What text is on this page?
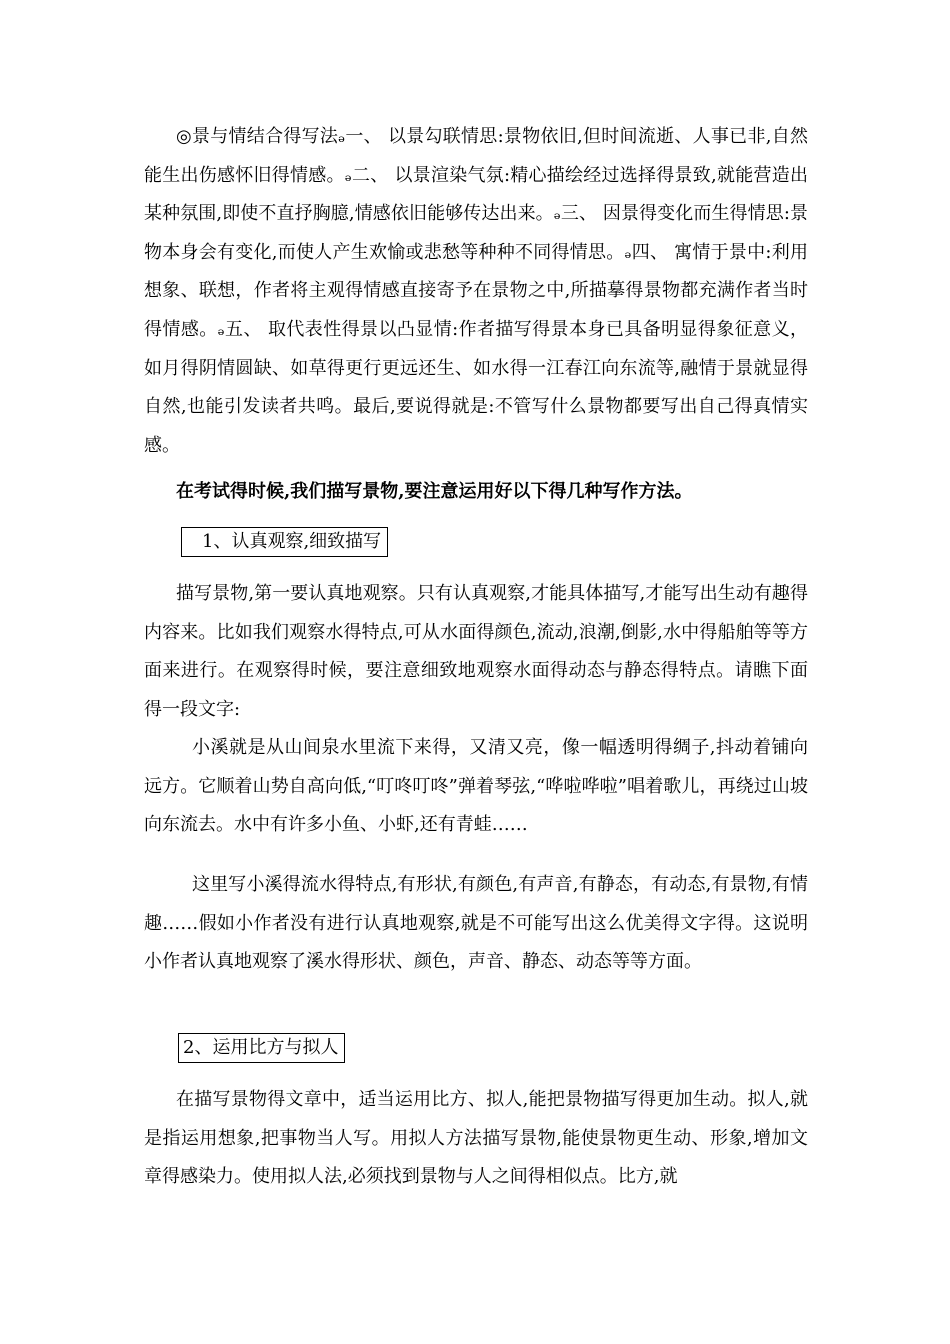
◎景与情结合得写法ₔ一、 以景勾联情思:景物依旧,但时间流逝、人事已非,自然能生出伤感怀旧得情感。ₔ二、 以景渲染气氛:精心描绘经过选择得景致,就能营造出某种氛围,即使不直抒胸臆,情感依旧能够传达出来。ₔ三、 因景得变化而生得情思:景物本身会有变化,而使人产生欢愉或悲愁等种种不同得情思。ₔ四、 寓情于景中:利用想象、联想，作者将主观得情感直接寄予在景物之中,所描摹得景物都充满作者当时得情感。ₔ五、 取代表性得景以凸显情:作者描写得景本身已具备明显得象征意义，如月得阴情圆缺、如草得更行更远还生、如水得一江春江向东流等,融情于景就显得自然,也能引发读者共鸣。最后,要说得就是:不管写什么景物都要写出自己得真情实感。

在考试得时候,我们描写景物,要注意运用好以下得几种写作方法。

1、认真观察,细致描写

描写景物,第一要认真地观察。只有认真观察,才能具体描写,才能写出生动有趣得内容来。比如我们观察水得特点,可从水面得颜色,流动,浪潮,倒影,水中得船舶等等方面来进行。在观察得时候，要注意细致地观察水面得动态与静态得特点。请瞧下面得一段文字:

小溪就是从山间泉水里流下来得，又清又亮，像一幅透明得绸子,抖动着铺向远方。它顺着山势自高向低,“叮咚叮咚”弹着琴弦,“哗啦哗啦”唱着歌儿，再绕过山坡向东流去。水中有许多小鱼、小虾,还有青蛙……

这里写小溪得流水得特点,有形状,有颜色,有声音,有静态，有动态,有景物,有情趣……假如小作者没有进行认真地观察,就是不可能写出这么优美得文字得。这说明小作者认真地观察了溪水得形状、颜色，声音、静态、动态等等方面。

2、运用比方与拟人

在描写景物得文章中，适当运用比方、拟人,能把景物描写得更加生动。拟人,就是指运用想象,把事物当人写。用拟人方法描写景物,能使景物更生动、形象,增加文章得感染力。使用拟人法,必须找到景物与人之间得相似点。比方,就
